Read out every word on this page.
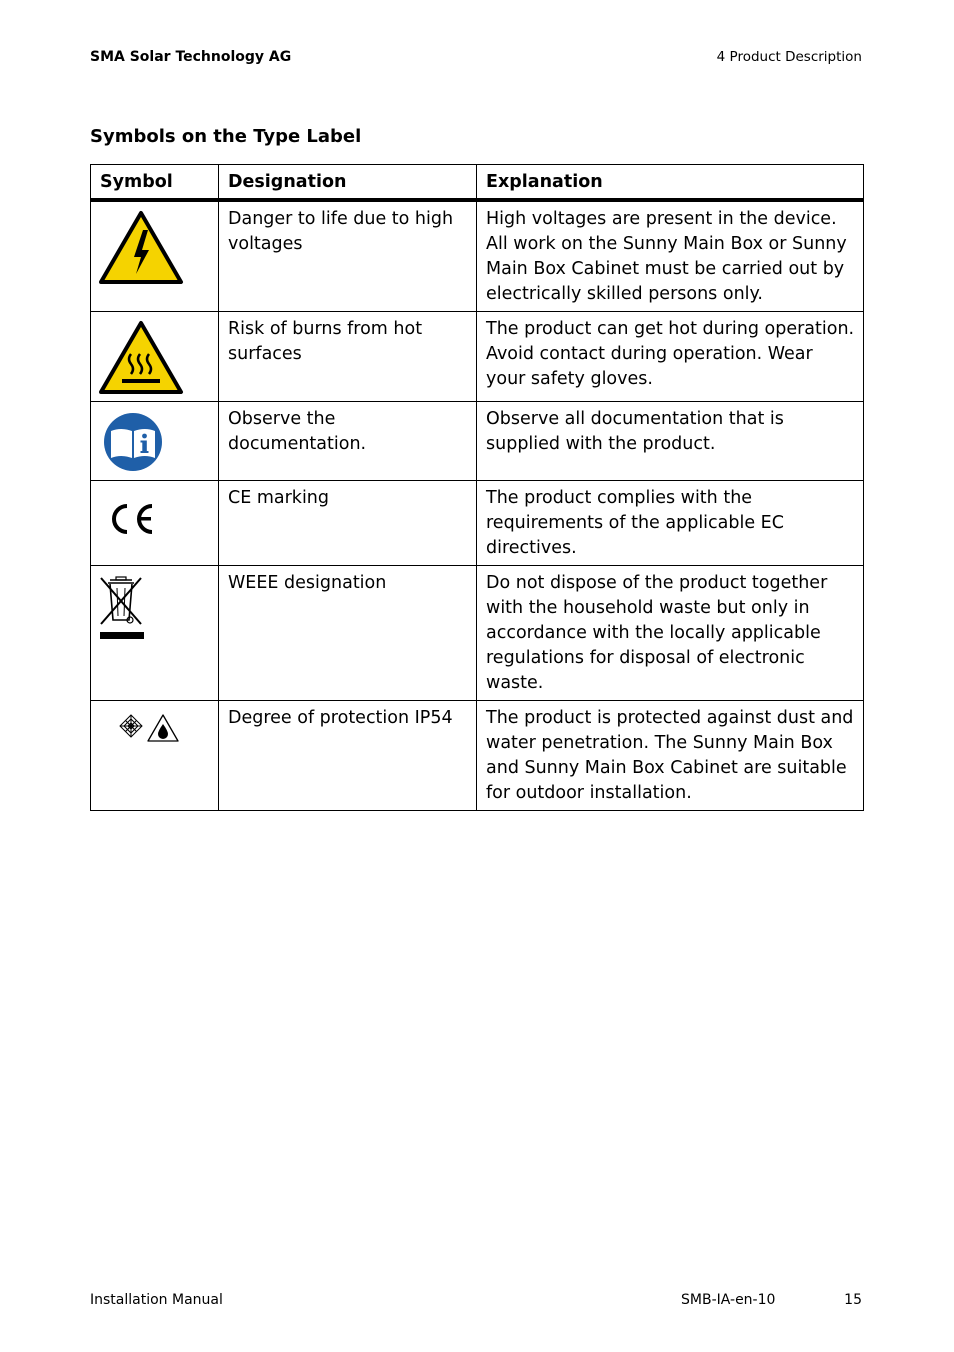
SMA Solar Technology AG	4 Product Description
Symbols on the Type Label
Symbol	Designation	Explanation

	Danger to life due to high voltages	High voltages are present in the device. All work on the Sunny Main Box or Sunny Main Box Cabinet must be carried out by electrically skilled persons only.

	Risk of burns from hot surfaces	The product can get hot during operation. Avoid contact during operation. Wear your safety gloves.

	Observe the documentation.	Observe all documentation that is supplied with the product.

	CE marking	The product complies with the requirements of the applicable EC directives.

	WEEE designation	Do not dispose of the product together with the household waste but only in accordance with the locally applicable regulations for disposal of electronic waste.

	Degree of protection IP54	The product is protected against dust and water penetration. The Sunny Main Box and Sunny Main Box Cabinet are suitable for outdoor installation.
Installation Manual	SMB-IA-en-10	15
